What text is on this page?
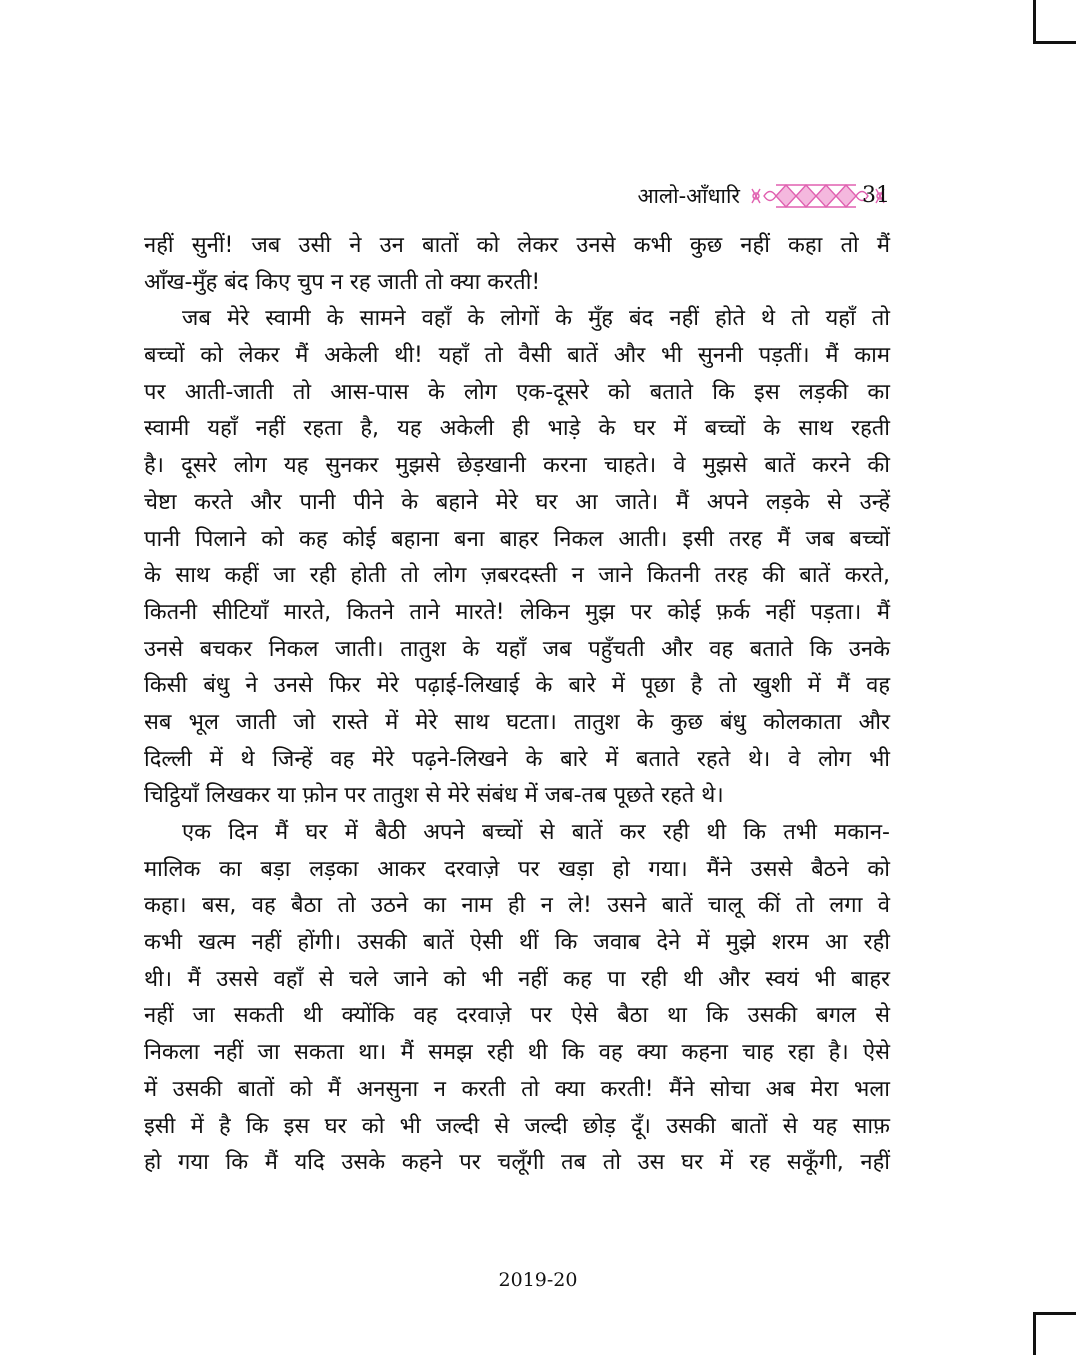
आलो-आँधारि	31
नहीं सुनीं! जब उसी ने उन बातों को लेकर उनसे कभी कुछ नहीं कहा तो मैं
आँख-मुँह बंद किए चुप न रह जाती तो क्या करती!
जब मेरे स्वामी के सामने वहाँ के लोगों के मुँह बंद नहीं होते थे तो यहाँ तो
बच्चों को लेकर मैं अकेली थी! यहाँ तो वैसी बातें और भी सुननी पड़तीं। मैं काम
पर आती-जाती तो आस-पास के लोग एक-दूसरे को बताते कि इस लड़की का
स्वामी यहाँ नहीं रहता है, यह अकेली ही भाड़े के घर में बच्चों के साथ रहती
है। दूसरे लोग यह सुनकर मुझसे छेड़खानी करना चाहते। वे मुझसे बातें करने की
चेष्टा करते और पानी पीने के बहाने मेरे घर आ जाते। मैं अपने लड़के से उन्हें
पानी पिलाने को कह कोई बहाना बना बाहर निकल आती। इसी तरह मैं जब बच्चों
के साथ कहीं जा रही होती तो लोग ज़बरदस्ती न जाने कितनी तरह की बातें करते,
कितनी सीटियाँ मारते, कितने ताने मारते! लेकिन मुझ पर कोई फ़र्क नहीं पड़ता। मैं
उनसे बचकर निकल जाती। तातुश के यहाँ जब पहुँचती और वह बताते कि उनके
किसी बंधु ने उनसे फिर मेरे पढ़ाई-लिखाई के बारे में पूछा है तो खुशी में मैं वह
सब भूल जाती जो रास्ते में मेरे साथ घटता। तातुश के कुछ बंधु कोलकाता और
दिल्ली में थे जिन्हें वह मेरे पढ़ने-लिखने के बारे में बताते रहते थे। वे लोग भी
चिट्ठियाँ लिखकर या फ़ोन पर तातुश से मेरे संबंध में जब-तब पूछते रहते थे।
एक दिन मैं घर में बैठी अपने बच्चों से बातें कर रही थी कि तभी मकान-
मालिक का बड़ा लड़का आकर दरवाज़े पर खड़ा हो गया। मैंने उससे बैठने को
कहा। बस, वह बैठा तो उठने का नाम ही न ले! उसने बातें चालू कीं तो लगा वे
कभी खत्म नहीं होंगी। उसकी बातें ऐसी थीं कि जवाब देने में मुझे शरम आ रही
थी। मैं उससे वहाँ से चले जाने को भी नहीं कह पा रही थी और स्वयं भी बाहर
नहीं जा सकती थी क्योंकि वह दरवाज़े पर ऐसे बैठा था कि उसकी बगल से
निकला नहीं जा सकता था। मैं समझ रही थी कि वह क्या कहना चाह रहा है। ऐसे
में उसकी बातों को मैं अनसुना न करती तो क्या करती! मैंने सोचा अब मेरा भला
इसी में है कि इस घर को भी जल्दी से जल्दी छोड़ दूँ। उसकी बातों से यह साफ़
हो गया कि मैं यदि उसके कहने पर चलूँगी तब तो उस घर में रह सकूँगी, नहीं
2019-20
